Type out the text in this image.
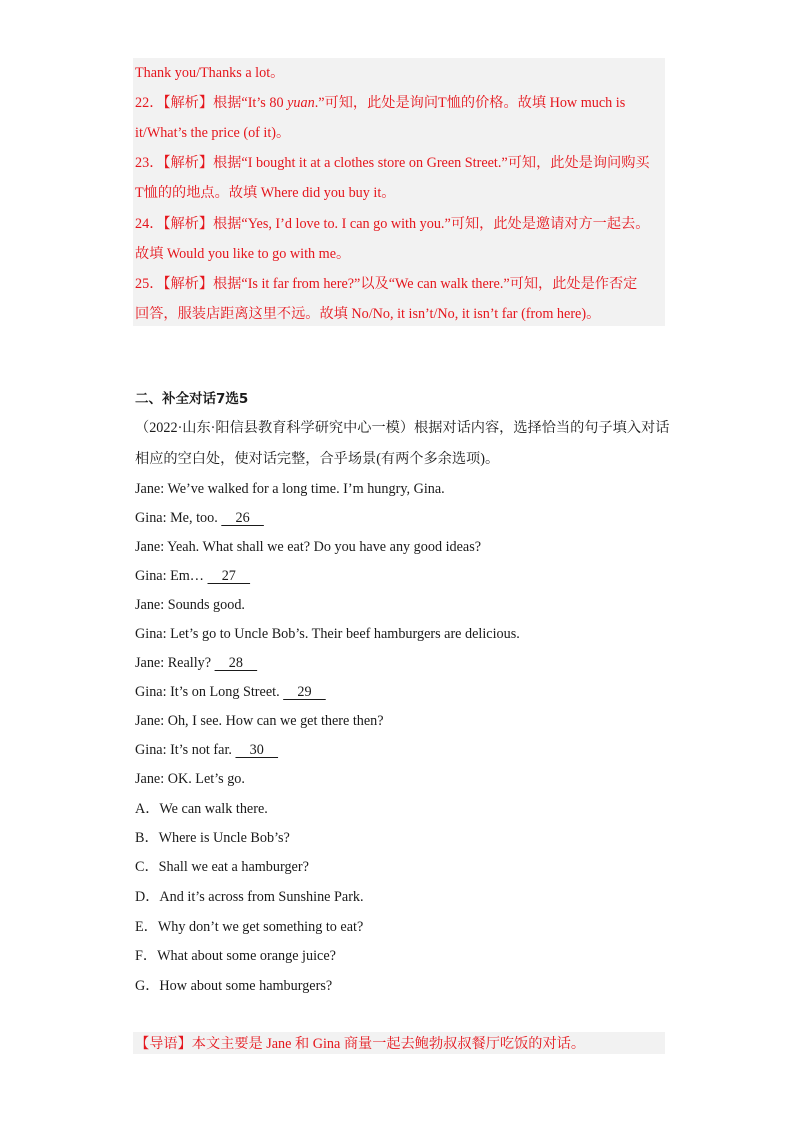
Thank you/Thanks a lot。
22．【解析】根据“It’s 80 yuan.”可知，此处是询问T恤的价格。故填 How much is
it/What’s the price (of it)。
23．【解析】根据“I bought it at a clothes store on Green Street.”可知，此处是询问购买
T恤的的地点。故填 Where did you buy it。
24．【解析】根据“Yes, I’d love to. I can go with you.”可知，此处是邀请对方一起去。
故填 Would you like to go with me。
25．【解析】根据“Is it far from here?”以及“We can walk there.”可知，此处是作否定
回答，服装店距离这里不远。故填 No/No, it isn’t/No, it isn’t far (from here)。
二、补全对话7选5
（2022·山东·阳信县教育科学研究中心一模）根据对话内容，选择恰当的句子填入对话
相应的空白处，使对话完整，合乎场景(有两个多余选项)。
Jane: We’ve walked for a long time. I’m hungry, Gina.
Gina: Me, too.     26
Jane: Yeah. What shall we eat? Do you have any good ideas?
Gina: Em…     27
Jane: Sounds good.
Gina: Let’s go to Uncle Bob’s. Their beef hamburgers are delicious.
Jane: Really?     28
Gina: It’s on Long Street.     29
Jane: Oh, I see. How can we get there then?
Gina: It’s not far.     30
Jane: OK. Let’s go.
A．We can walk there.
B．Where is Uncle Bob’s?
C．Shall we eat a hamburger?
D．And it’s across from Sunshine Park.
E．Why don’t we get something to eat?
F．What about some orange juice?
G．How about some hamburgers?
【导语】本文主要是 Jane 和 Gina 商量一起去鲍勃叔叔餐厅吃饭的对话。
